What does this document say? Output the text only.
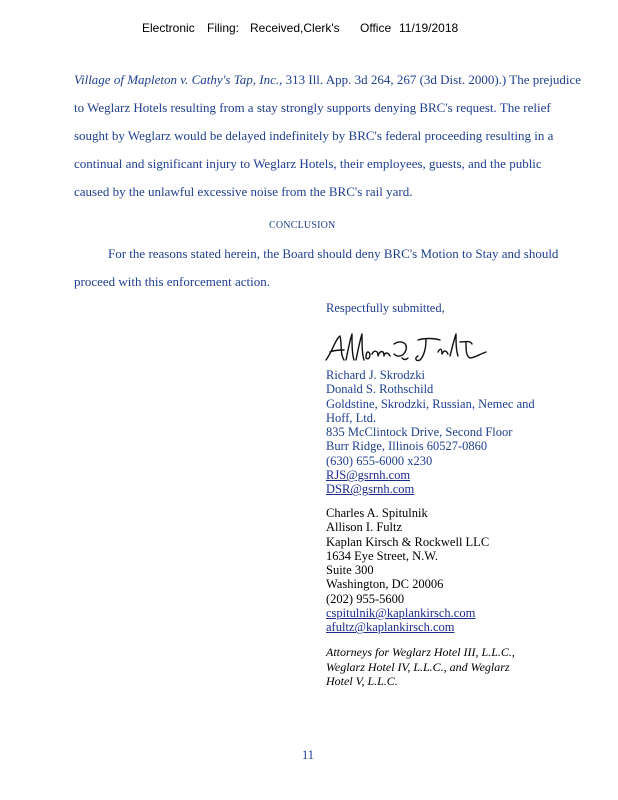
Electronic Filing: Received,Clerk's Office 11/19/2018
Village of Mapleton v. Cathy's Tap, Inc., 313 Ill. App. 3d 264, 267 (3d Dist. 2000).) The prejudice
to Weglarz Hotels resulting from a stay strongly supports denying BRC's request. The relief
sought by Weglarz would be delayed indefinitely by BRC's federal proceeding resulting in a
continual and significant injury to Weglarz Hotels, their employees, guests, and the public
caused by the unlawful excessive noise from the BRC's rail yard.
CONCLUSION
For the reasons stated herein, the Board should deny BRC's Motion to Stay and should
proceed with this enforcement action.
Respectfully submitted,
Richard J. Skrodzki
Donald S. Rothschild
Goldstine, Skrodzki, Russian, Nemec and
Hoff, Ltd.
835 McClintock Drive, Second Floor
Burr Ridge, Illinois 60527-0860
(630) 655-6000 x230
RJS@gsrnh.com
DSR@gsrnh.com
Charles A. Spitulnik
Allison I. Fultz
Kaplan Kirsch & Rockwell LLC
1634 Eye Street, N.W.
Suite 300
Washington, DC 20006
(202) 955-5600
cspitulnik@kaplankirsch.com
afultz@kaplankirsch.com
Attorneys for Weglarz Hotel III, L.L.C.,
Weglarz Hotel IV, L.L.C., and Weglarz
Hotel V, L.L.C.
11
